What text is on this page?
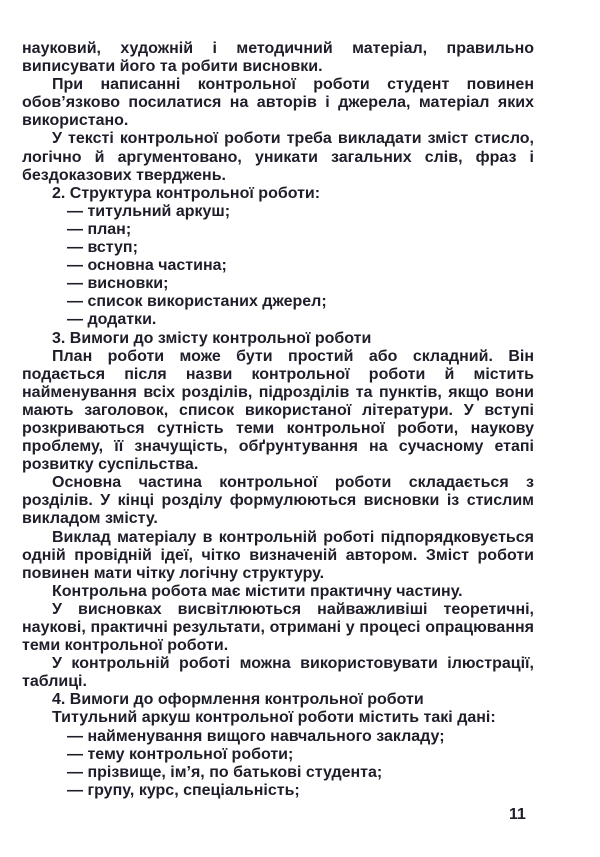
науковий, художній і методичний матеріал, правильно виписувати його та робити висновки.

При написанні контрольної роботи студент повинен обов’язково посилатися на авторів і джерела, матеріал яких використано.

У тексті контрольної роботи треба викладати зміст стисло, логічно й аргументовано, уникати загальних слів, фраз і бездоказових тверджень.

2. Структура контрольної роботи:

— титульний аркуш;

— план;

— вступ;

— основна частина;

— висновки;

— список використаних джерел;

— додатки.

3. Вимоги до змісту контрольної роботи

План роботи може бути простий або складний. Він подається після назви контрольної роботи й містить найменування всіх розділів, підрозділів та пунктів, якщо вони мають заголовок, список використаної літератури. У вступі розкриваються сутність теми контрольної роботи, наукову проблему, її значущість, обґрунтування на сучасному етапі розвитку суспільства.

Основна частина контрольної роботи складається з розділів. У кінці розділу формулюються висновки із стислим викладом змісту.

Виклад матеріалу в контрольній роботі підпорядковується одній провідній ідеї, чітко визначеній автором. Зміст роботи повинен мати чітку логічну структуру.

Контрольна робота має містити практичну частину.

У висновках висвітлюються найважливіші теоретичні, наукові, практичні результати, отримані у процесі опрацювання теми контрольної роботи.

У контрольній роботі можна використовувати ілюстрації, таблиці.

4. Вимоги до оформлення контрольної роботи

Титульний аркуш контрольної роботи містить такі дані:

— найменування вищого навчального закладу;

— тему контрольної роботи;

— прізвище, ім’я, по батькові студента;

— групу, курс, спеціальність;

11
